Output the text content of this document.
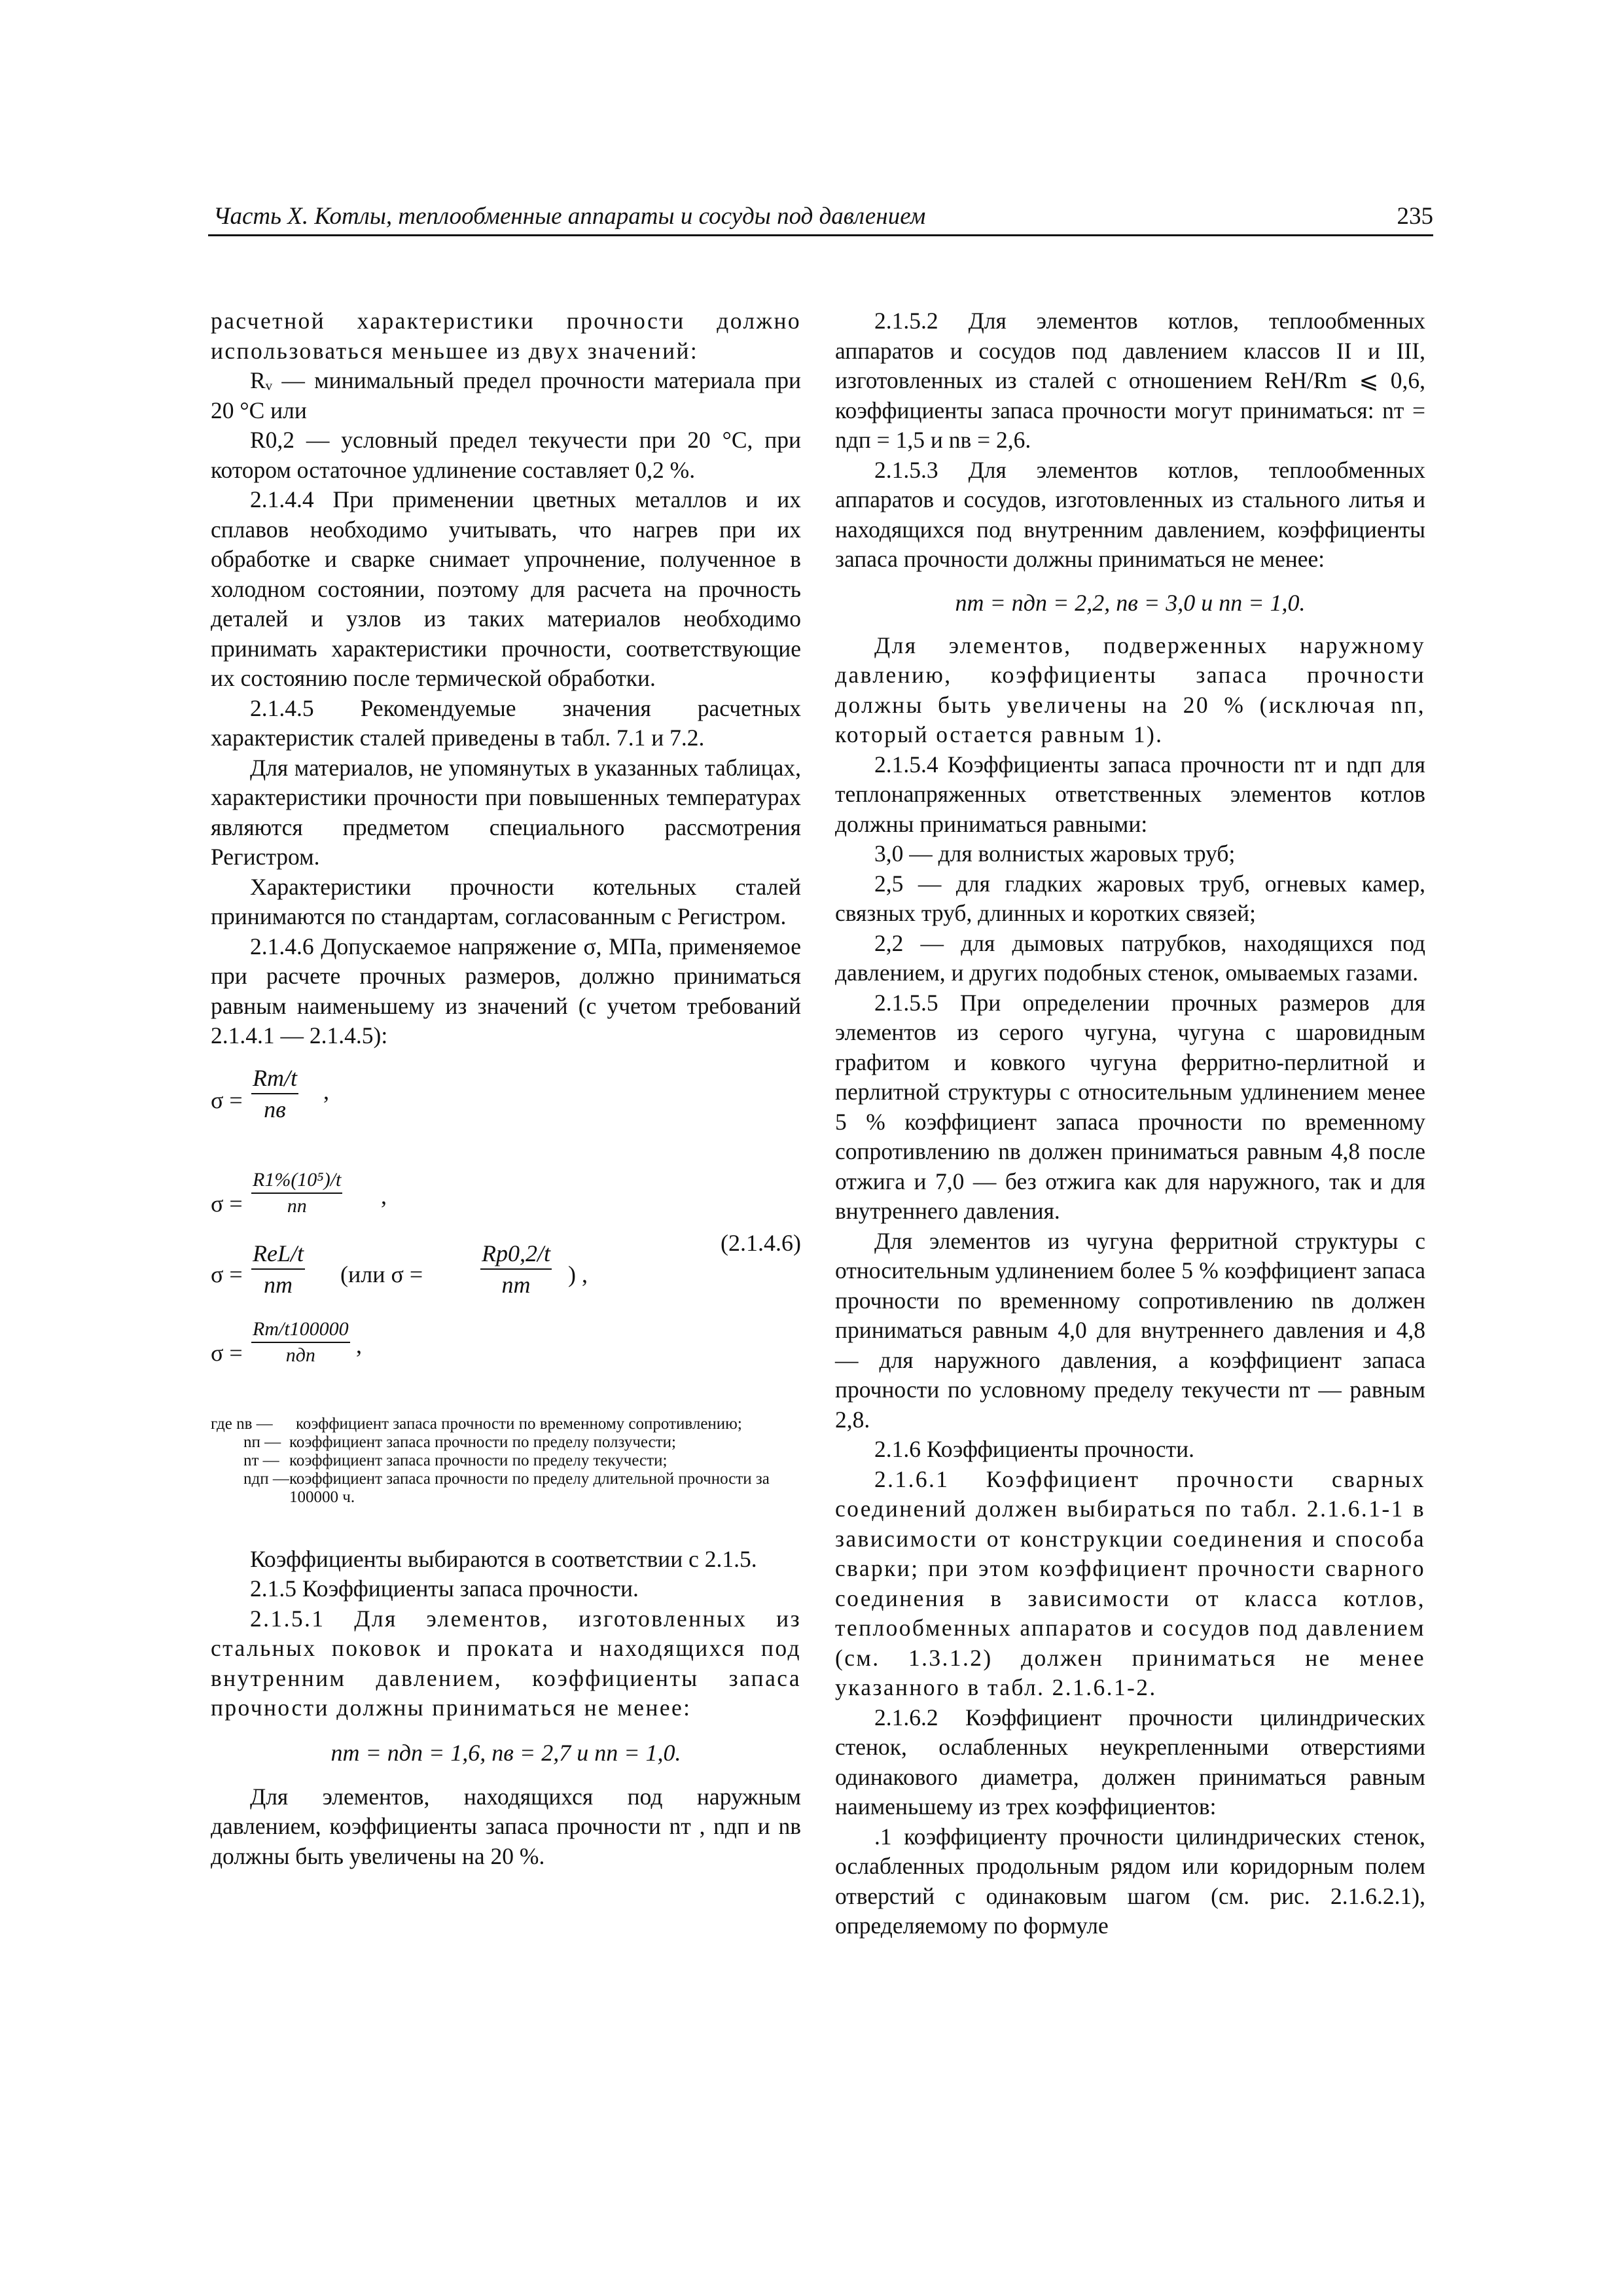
Часть X. Котлы, теплообменные аппараты и сосуды под давлением	235

расчетной характеристики прочности должно использоваться меньшее из двух значений:

Rᵥ — минимальный предел прочности материала при 20 °C или

R0,2 — условный предел текучести при 20 °C, при котором остаточное удлинение составляет 0,2 %.

2.1.4.4 При применении цветных металлов и их сплавов необходимо учитывать, что нагрев при их обработке и сварке снимает упрочнение, полученное в холодном состоянии, поэтому для расчета на прочность деталей и узлов из таких материалов необходимо принимать характеристики прочности, соответствующие их состоянию после термической обработки.

2.1.4.5 Рекомендуемые значения расчетных характеристик сталей приведены в табл. 7.1 и 7.2.

Для материалов, не упомянутых в указанных таблицах, характеристики прочности при повышенных температурах являются предметом специального рассмотрения Регистром.

Характеристики прочности котельных сталей принимаются по стандартам, согласованным с Регистром.

2.1.4.6 Допускаемое напряжение σ, МПа, применяемое при расчете прочных размеров, должно приниматься равным наименьшему из значений (с учетом требований 2.1.4.1 — 2.1.4.5):

σ =
Rm/t
nв
,
$\sigma = \frac{\text{R1\%(10⁵)/t}}{nn}$ ,
σ =
ReL/t
nт	(или σ =
Rp0,2/t
nт	) ,
(2.1.4.6)
σ =
Rm/t100000
nдп	,
где nв — коэффициент запаса прочности по временному сопротивлению;
nп — коэффициент запаса прочности по пределу ползучести;
nт — коэффициент запаса прочности по пределу текучести;
nдп — коэффициент запаса прочности по пределу длительной прочности за 100000 ч.

Коэффициенты выбираются в соответствии с 2.1.5.

2.1.5 Коэффициенты запаса прочности.

2.1.5.1 Для элементов, изготовленных из стальных поковок и проката и находящихся под внутренним давлением, коэффициенты запаса прочности должны приниматься не менее:

nт = nдп = 1,6, nв = 2,7 и nп = 1,0.

Для элементов, находящихся под наружным давлением, коэффициенты запаса прочности nт , nдп и nв должны быть увеличены на 20 %.

2.1.5.2 Для элементов котлов, теплообменных аппаратов и сосудов под давлением классов II и III, изготовленных из сталей с отношением ReH/Rm ⩽ 0,6, коэффициенты запаса прочности могут приниматься: nт = nдп = 1,5 и nв = 2,6.

2.1.5.3 Для элементов котлов, теплообменных аппаратов и сосудов, изготовленных из стального литья и находящихся под внутренним давлением, коэффициенты запаса прочности должны приниматься не менее:

nт = nдп = 2,2, nв = 3,0 и nп = 1,0.

Для элементов, подверженных наружному давлению, коэффициенты запаса прочности должны быть увеличены на 20 % (исключая nп, который остается равным 1).

2.1.5.4 Коэффициенты запаса прочности nт и nдп для теплонапряженных ответственных элементов котлов должны приниматься равными:

3,0 — для волнистых жаровых труб;

2,5 — для гладких жаровых труб, огневых камер, связных труб, длинных и коротких связей;

2,2 — для дымовых патрубков, находящихся под давлением, и других подобных стенок, омываемых газами.

2.1.5.5 При определении прочных размеров для элементов из серого чугуна, чугуна с шаровидным графитом и ковкого чугуна ферритно-перлитной и перлитной структуры с относительным удлинением менее 5 % коэффициент запаса прочности по временному сопротивлению nв должен приниматься равным 4,8 после отжига и 7,0 — без отжига как для наружного, так и для внутреннего давления.

Для элементов из чугуна ферритной структуры с относительным удлинением более 5 % коэффициент запаса прочности по временному сопротивлению nв должен приниматься равным 4,0 для внутреннего давления и 4,8 — для наружного давления, а коэффициент запаса прочности по условному пределу текучести nт — равным 2,8.

2.1.6 Коэффициенты прочности.

2.1.6.1 Коэффициент прочности сварных соединений должен выбираться по табл. 2.1.6.1-1 в зависимости от конструкции соединения и способа сварки; при этом коэффициент прочности сварного соединения в зависимости от класса котлов, теплообменных аппаратов и сосудов под давлением (см. 1.3.1.2) должен приниматься не менее указанного в табл. 2.1.6.1-2.

2.1.6.2 Коэффициент прочности цилиндрических стенок, ослабленных неукрепленными отверстиями одинакового диаметра, должен приниматься равным наименьшему из трех коэффициентов:

.1 коэффициенту прочности цилиндрических стенок, ослабленных продольным рядом или коридорным полем отверстий с одинаковым шагом (см. рис. 2.1.6.2.1), определяемому по формуле
